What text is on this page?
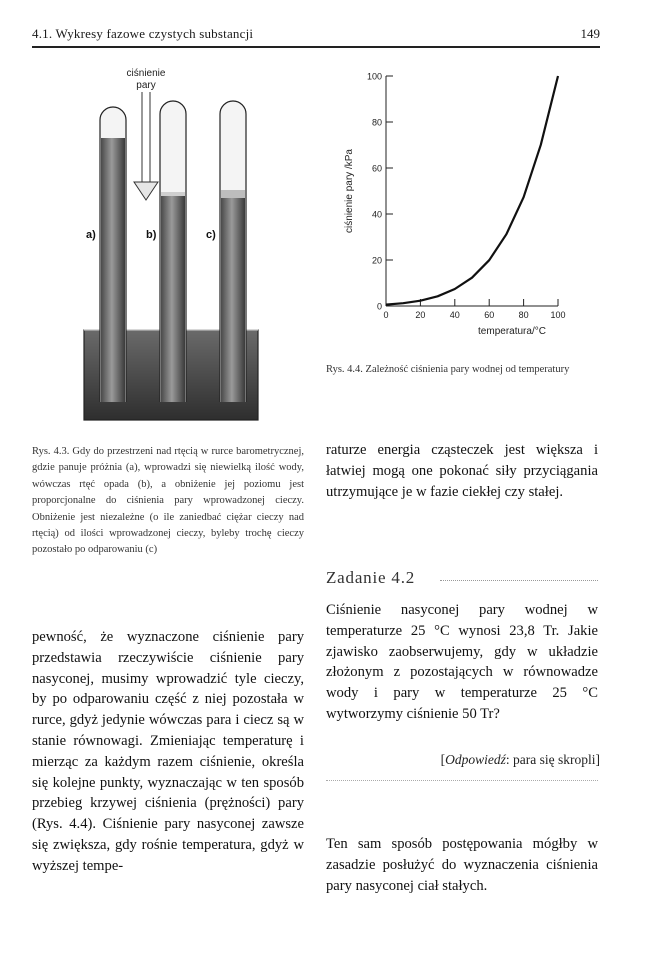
4.1. Wykresy fazowe czystych substancji	149
ciśnienie
pary
a)	b)	c)
0
20
40
60
80
100
0	20	40	60	80 100
ciśnienie pary /kPa
temperatura/°C
Rys. 4.3. Gdy do przestrzeni nad rtęcią w rurce barometrycznej, gdzie panuje próżnia (a), wprowadzi się niewielką ilość wody, wówczas rtęć opada (b), a obniżenie jej poziomu jest proporcjonalne do ciśnienia pary wprowadzonej cieczy. Obniżenie jest niezależne (o ile zaniedbać ciężar cieczy nad rtęcią) od ilości wprowadzonej cieczy, byleby trochę cieczy pozostało po odparowaniu (c)
Rys. 4.4. Zależność ciśnienia pary wodnej od temperatury
raturze energia cząsteczek jest większa i łatwiej mogą one pokonać siły przyciągania utrzymujące je w fazie ciekłej czy stałej.
Zadanie 4.2
Ciśnienie nasyconej pary wodnej w temperaturze 25 °C wynosi 23,8 Tr. Jakie zjawisko zaobserwujemy, gdy w układzie złożonym z pozostających w równowadze wody i pary w temperaturze 25 °C wytworzymy ciśnienie 50 Tr?
[Odpowiedź: para się skropli]
pewność, że wyznaczone ciśnienie pary przedstawia rzeczywiście ciśnienie pary nasyconej, musimy wprowadzić tyle cieczy, by po odparowaniu część z niej pozostała w rurce, gdyż jedynie wówczas para i ciecz są w stanie równowagi. Zmieniając temperaturę i mierząc za każdym razem ciśnienie, określa się kolejne punkty, wyznaczając w ten sposób przebieg krzywej ciśnienia (prężności) pary (Rys. 4.4). Ciśnienie pary nasyconej zawsze się zwiększa, gdy rośnie temperatura, gdyż w wyższej tempe-
Ten sam sposób postępowania mógłby w zasadzie posłużyć do wyznaczenia ciśnienia pary nasyconej ciał stałych.
